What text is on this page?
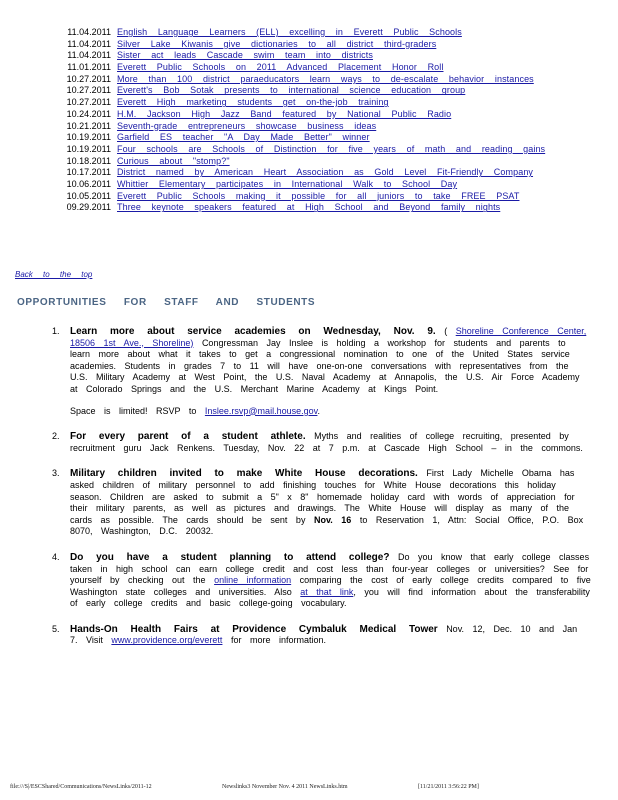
11.04.2011 English Language Learners (ELL) excelling in Everett Public Schools
11.04.2011 Silver Lake Kiwanis give dictionaries to all district third-graders
11.04.2011 Sister act leads Cascade swim team into districts
11.01.2011 Everett Public Schools on 2011 Advanced Placement Honor Roll
10.27.2011 More than 100 district paraeducators learn ways to de-escalate behavior instances
10.27.2011 Everett's Bob Sotak presents to international science education group
10.27.2011 Everett High marketing students get on-the-job training
10.24.2011 H.M. Jackson High Jazz Band featured by National Public Radio
10.21.2011 Seventh-grade entrepreneurs showcase business ideas
10.19.2011 Garfield ES teacher "A Day Made Better" winner
10.19.2011 Four schools are Schools of Distinction for five years of math and reading gains
10.18.2011 Curious about "stomp?"
10.17.2011 District named by American Heart Association as Gold Level Fit-Friendly Company
10.06.2011 Whittier Elementary participates in International Walk to School Day
10.05.2011 Everett Public Schools making it possible for all juniors to take FREE PSAT
09.29.2011 Three keynote speakers featured at High School and Beyond family nights
Back to the top
OPPORTUNITIES FOR STAFF AND STUDENTS
1. Learn more about service academies on Wednesday, Nov. 9. ( Shoreline Conference Center, 18506 1st Ave., Shoreline) Congressman Jay Inslee is holding a workshop for students and parents to learn more about what it takes to get a congressional nomination to one of the United States service academies. Students in grades 7 to 11 will have one-on-one conversations with representatives from the U.S. Military Academy at West Point, the U.S. Naval Academy at Annapolis, the U.S. Air Force Academy at Colorado Springs and the U.S. Merchant Marine Academy at Kings Point.
Space is limited! RSVP to Inslee.rsvp@mail.house.gov.
2. For every parent of a student athlete. Myths and realities of college recruiting, presented by recruitment guru Jack Renkens. Tuesday, Nov. 22 at 7 p.m. at Cascade High School – in the commons.
3. Military children invited to make White House decorations. First Lady Michelle Obama has asked children of military personnel to add finishing touches for White House decorations this holiday season. Children are asked to submit a 5" x 8" homemade holiday card with words of appreciation for their military parents, as well as pictures and drawings. The White House will display as many of the cards as possible. The cards should be sent by Nov. 16 to Reservation 1, Attn: Social Office, P.O. Box 8070, Washington, D.C. 20032.
4. Do you have a student planning to attend college? Do you know that early college classes taken in high school can earn college credit and cost less than four-year colleges or universities? See for yourself by checking out the online information comparing the cost of early college credits compared to five Washington state colleges and universities. Also at that link, you will find information about the transferability of early college credits and basic college-going vocabulary.
5. Hands-On Health Fairs at Providence Cymbaluk Medical Tower Nov. 12, Dec. 10 and Jan 7. Visit www.providence.org/everett for more information.
file:///S|/ESCShared/Communications/NewsLinks/2011-12	Newslinks3 November Nov. 4 2011 NewsLinks.htm	[11/21/2011 3:56:22 PM]
